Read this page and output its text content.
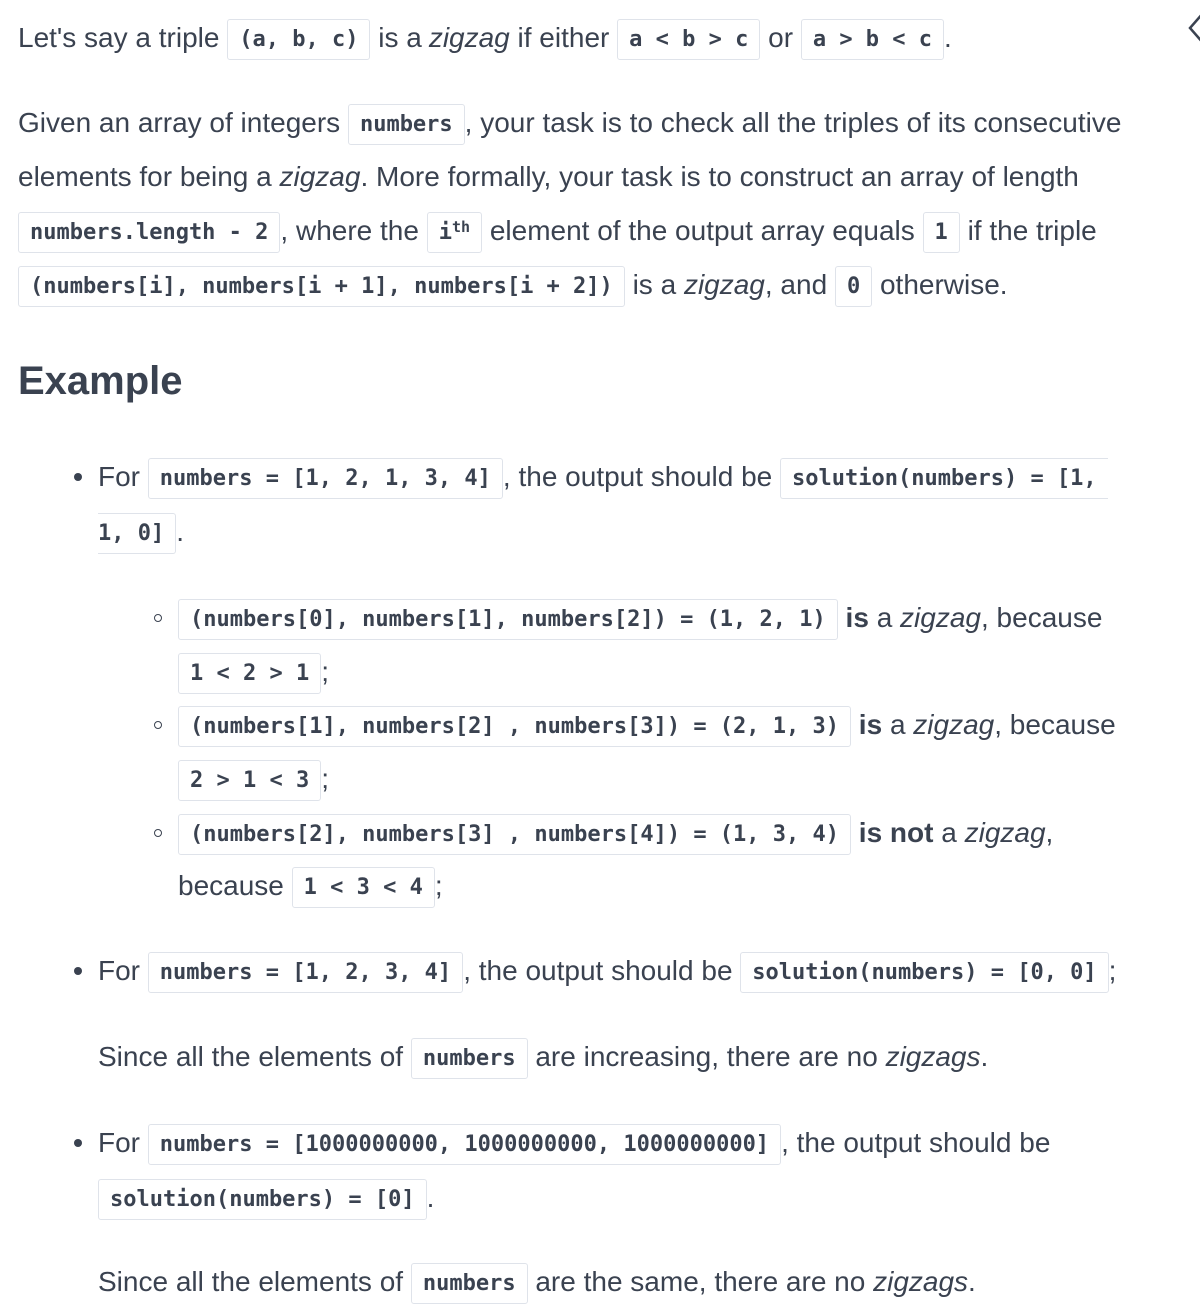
Let's say a triple (a, b, c) is a zigzag if either a < b > c or a > b < c .
Given an array of integers numbers , your task is to check all the triples of its consecutive
elements for being a zigzag. More formally, your task is to construct an array of length
numbers.length - 2 , where the $i^{th}$ element of the output array equals 1 if the triple
(numbers[i], numbers[i + 1], numbers[i + 2]) is a zigzag, and 0 otherwise.
Example
For numbers = [1, 2, 1, 3, 4] , the output should be solution(numbers) = [1,
1, 0] .
(numbers[0], numbers[1], numbers[2]) = (1, 2, 1) is a zigzag, because
1 < 2 > 1 ;
(numbers[1], numbers[2] , numbers[3]) = (2, 1, 3) is a zigzag, because
2 > 1 < 3 ;
(numbers[2], numbers[3] , numbers[4]) = (1, 3, 4) is not a zigzag,
because 1 < 3 < 4 ;
For numbers = [1, 2, 3, 4] , the output should be solution(numbers) = [0, 0] ;
Since all the elements of numbers are increasing, there are no zigzags.
For numbers = [1000000000, 1000000000, 1000000000] , the output should be
solution(numbers) = [0] .
Since all the elements of numbers are the same, there are no zigzags.
